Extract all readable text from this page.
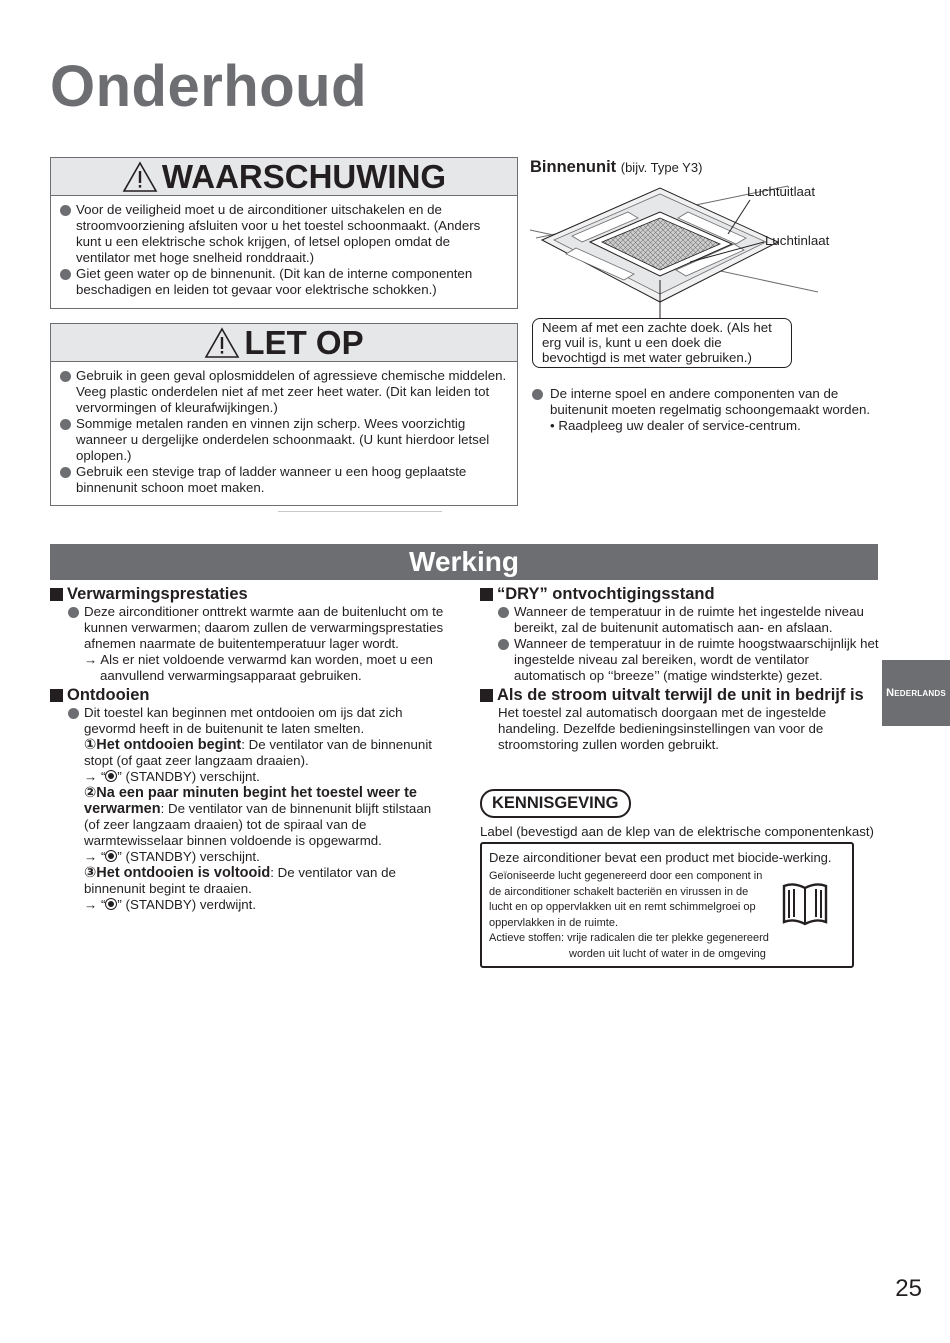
Onderhoud
WAARSCHUWING
Voor de veiligheid moet u de airconditioner uitschakelen en de stroomvoorziening afsluiten voor u het toestel schoonmaakt. (Anders kunt u een elektrische schok krijgen, of letsel oplopen omdat de ventilator met hoge snelheid ronddraait.)
Giet geen water op de binnenunit. (Dit kan de interne componenten beschadigen en leiden tot gevaar voor elektrische schokken.)
LET OP
Gebruik in geen geval oplosmiddelen of agressieve chemische middelen. Veeg plastic onderdelen niet af met zeer heet water. (Dit kan leiden tot vervormingen of kleurafwijkingen.)
Sommige metalen randen en vinnen zijn scherp. Wees voorzichtig wanneer u dergelijke onderdelen schoonmaakt. (U kunt hierdoor letsel oplopen.)
Gebruik een stevige trap of ladder wanneer u een hoog geplaatste binnenunit schoon moet maken.
Binnenunit (bijv. Type Y3)
Luchtuitlaat
Luchtinlaat
Neem af met een zachte doek. (Als het erg vuil is, kunt u een doek die bevochtigd is met water gebruiken.)
De interne spoel en andere componenten van de buitenunit moeten regelmatig schoongemaakt worden.
• Raadpleeg uw dealer of service-centrum.
Werking
Nederlands
Verwarmingsprestaties
Deze airconditioner onttrekt warmte aan de buitenlucht om te kunnen verwarmen; daarom zullen de verwarmingsprestaties afnemen naarmate de buitentemperatuur lager wordt.
→ Als er niet voldoende verwarmd kan worden, moet u een aanvullend verwarmingsapparaat gebruiken.
Ontdooien
Dit toestel kan beginnen met ontdooien om ijs dat zich gevormd heeft in de buitenunit te laten smelten.
①Het ontdooien begint: De ventilator van de binnenunit stopt (of gaat zeer langzaam draaien).
→ “ ” (STANDBY) verschijnt.
②Na een paar minuten begint het toestel weer te verwarmen: De ventilator van de binnenunit blijft stilstaan (of zeer langzaam draaien) tot de spiraal van de warmtewisselaar binnen voldoende is opgewarmd.
→ “ ” (STANDBY) verschijnt.
③Het ontdooien is voltooid: De ventilator van de binnenunit begint te draaien.
→ “ ” (STANDBY) verdwijnt.
“DRY” ontvochtigingsstand
Wanneer de temperatuur in de ruimte het ingestelde niveau bereikt, zal de buitenunit automatisch aan- en afslaan.
Wanneer de temperatuur in de ruimte hoogstwaarschijnlijk het ingestelde niveau zal bereiken, wordt de ventilator automatisch op ‘‘breeze’’ (matige windsterkte) gezet.
Als de stroom uitvalt terwijl de unit in bedrijf is
Het toestel zal automatisch doorgaan met de ingestelde handeling. Dezelfde bedieningsinstellingen van voor de stroomstoring zullen worden gebruikt.
KENNISGEVING
Label (bevestigd aan de klep van de elektrische componentenkast)
Deze airconditioner bevat een product met biocide-werking.
Geïoniseerde lucht gegenereerd door een component in de airconditioner schakelt bacteriën en virussen in de lucht en op oppervlakken uit en remt schimmelgroei op oppervlakken in de ruimte.
Actieve stoffen: vrije radicalen die ter plekke gegenereerd
worden uit lucht of water in de omgeving
25
